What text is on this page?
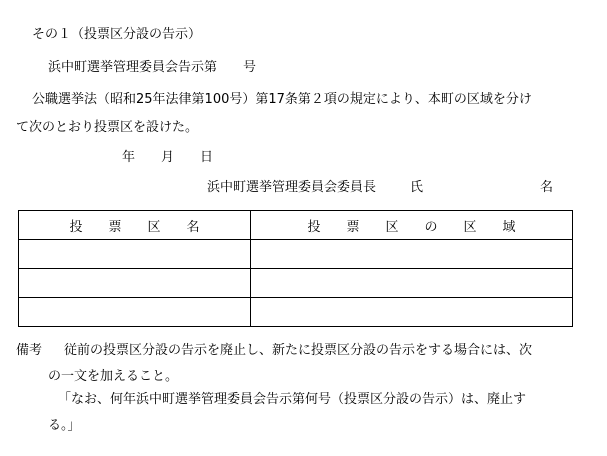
その１（投票区分設の告示）
浜中町選挙管理委員会告示第　　号
公職選挙法（昭和25年法律第100号）第17条第２項の規定により、本町の区域を分け
て次のとおり投票区を設けた。
年　　月　　日
浜中町選挙管理委員会委員長	氏	名
投　　票　　区　　名	投　　票　　区　　の　　区　　域

備考 従前の投票区分設の告示を廃止し、新たに投票区分設の告示をする場合には、次
の一文を加えること。
「なお、何年浜中町選挙管理委員会告示第何号（投票区分設の告示）は、廃止す
る。」
